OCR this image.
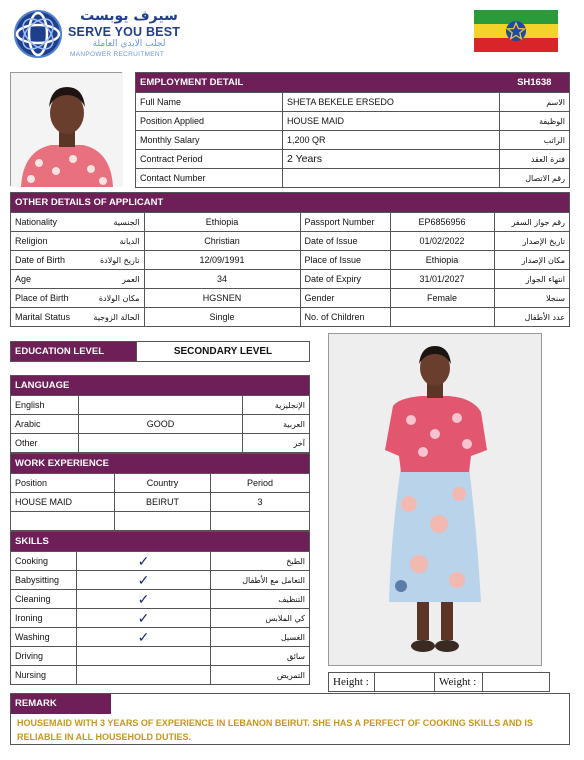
سيرف يوبست
SERVE YOU BEST
لجلب الايدي العاملة
MANPOWER RECRUITMENT
EMPLOYMENT DETAIL		SH1638
Full Name	SHETA BEKELE ERSEDO	الاسم
Position Applied	HOUSE MAID	الوظيفة
Monthly Salary	1,200 QR	الراتب
Contract Period	2 Years	فترة العقد
Contact Number		رقم الاتصال
OTHER DETAILS OF APPLICANT					
Nationality	الجنسية	Ethiopia	Passport Number	EP6856956	رقم جواز السفر
Religion	الديانة	Christian	Date of Issue	01/02/2022	تاريخ الإصدار
Date of Birth	تاريخ الولادة	12/09/1991	Place of Issue	Ethiopia	مكان الإصدار
Age	العمر	34	Date of Expiry	31/01/2027	انتهاء الجواز
Place of Birth	مكان الولادة	HGSNEN	Gender	Female	سنجلا
Marital Status	الحالة الزوجية	Single	No. of Children		عدد الأطفال
EDUCATION LEVEL	SECONDARY LEVEL
LANGUAGE		
English		الإنجليزية
Arabic	GOOD	العربية
Other		آخر
WORK EXPERIENCE		
Position	Country	Period
HOUSE MAID	BEIRUT	3

SKILLS		
Cooking	✓	الطبخ
Babysitting	✓	التعامل مع الأطفال
Cleaning	✓	التنظيف
Ironing	✓	كي الملابس
Washing	✓	الغسيل
Driving		سائق
Nursing		التمريض
Height :		Weight :	
REMARK
HOUSEMAID WITH 3 YEARS OF EXPERIENCE IN LEBANON BEIRUT. SHE HAS A PERFECT OF COOKING SKILLS AND IS RELIABLE IN ALL HOUSEHOLD DUTIES.
